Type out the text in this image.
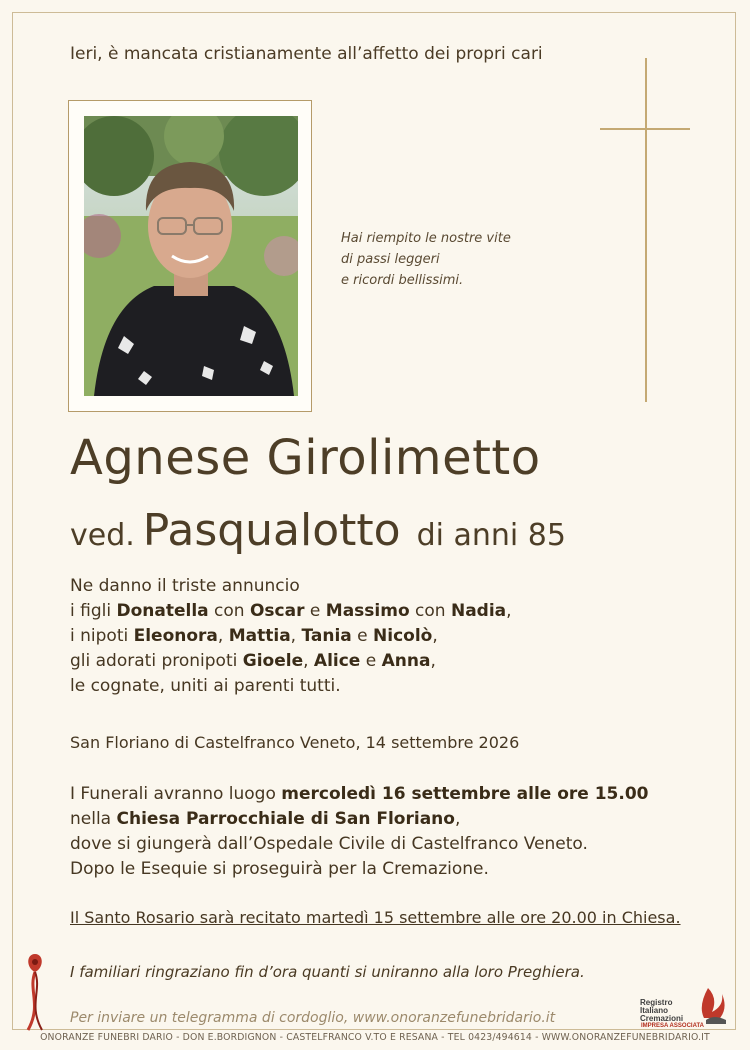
Ieri, è mancata cristianamente all’affetto dei propri cari
Hai riempito le nostre vite
di passi leggeri
e ricordi bellissimi.
Agnese Girolimetto
ved. Pasqualotto di anni 85
Ne danno il triste annuncio
i figli Donatella con Oscar e Massimo con Nadia,
i nipoti Eleonora, Mattia, Tania e Nicolò,
gli adorati pronipoti Gioele, Alice e Anna,
le cognate, uniti ai parenti tutti.
San Floriano di Castelfranco Veneto, 14 settembre 2026
I Funerali avranno luogo mercoledì 16 settembre alle ore 15.00
nella Chiesa Parrocchiale di San Floriano,
dove si giungerà dall’Ospedale Civile di Castelfranco Veneto.
Dopo le Esequie si proseguirà per la Cremazione.
Il Santo Rosario sarà recitato martedì 15 settembre alle ore 20.00 in Chiesa.
I familiari ringraziano fin d’ora quanti si uniranno alla loro Preghiera.
Per inviare un telegramma di cordoglio, www.onoranzefunebridario.it
Registro
Italiano
Cremazioni
IMPRESA ASSOCIATA
ONORANZE FUNEBRI DARIO - DON E.BORDIGNON - CASTELFRANCO V.TO E RESANA - TEL 0423/494614 - WWW.ONORANZEFUNEBRIDARIO.IT
